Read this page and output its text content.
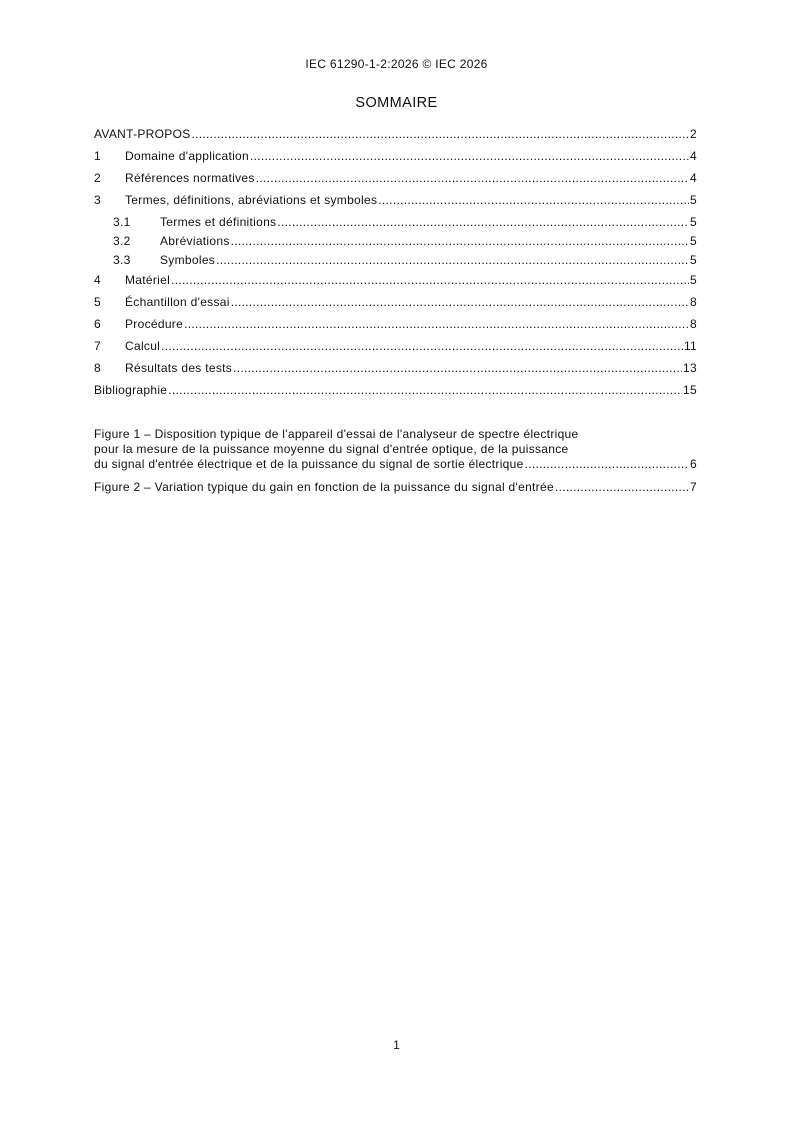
IEC 61290-1-2:2026 © IEC 2026
SOMMAIRE
AVANT-PROPOS .....	2
1	Domaine d'application .....	4
2	Références normatives .....	4
3	Termes, définitions, abréviations et symboles .....	5
3.1	Termes et définitions .....	5
3.2	Abréviations .....	5
3.3	Symboles .....	5
4	Matériel .....	5
5	Échantillon d'essai .....	8
6	Procédure .....	8
7	Calcul .....	11
8	Résultats des tests .....	13
Bibliographie .....	15
Figure 1 – Disposition typique de l'appareil d'essai de l'analyseur de spectre électrique
pour la mesure de la puissance moyenne du signal d'entrée optique, de la puissance
du signal d'entrée électrique et de la puissance du signal de sortie électrique .....	6
Figure 2 – Variation typique du gain en fonction de la puissance du signal d'entrée .....	7
1
